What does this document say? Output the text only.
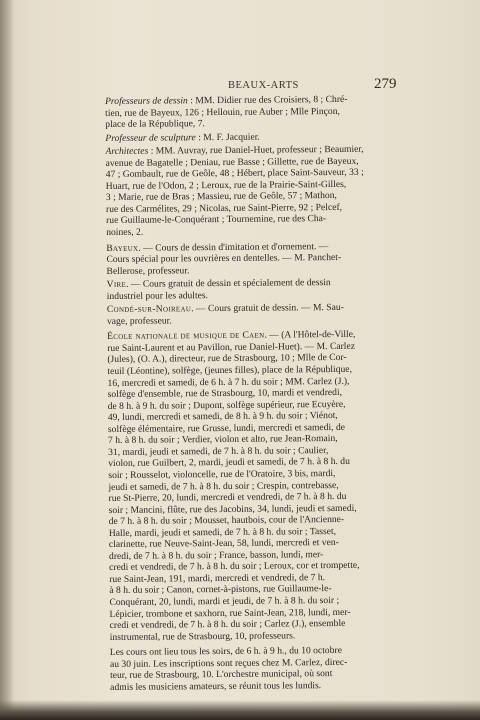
BEAUX-ARTS	279

Professeurs de dessin : MM. Didier rue des Croisiers, 8 ; Chré-
tien, rue de Bayeux, 126 ; Hellouin, rue Auber ; Mlle Pinçon,
place de la République, 7.

Professeur de sculpture : M. F. Jacquier.

Architectes : MM. Auvray, rue Daniel-Huet, professeur ; Beaumier,
avenue de Bagatelle ; Deniau, rue Basse ; Gillette, rue de Bayeux,
47 ; Gombault, rue de Geôle, 48 ; Hébert, place Saint-Sauveur, 33 ;
Huart, rue de l'Odon, 2 ; Leroux, rue de la Prairie-Saint-Gilles,
3 ; Marie, rue de Bras ; Massieu, rue de Geôle, 57 ; Mathon,
rue des Carmélites, 29 ; Nicolas, rue Saint-Pierre, 92 ; Pelcef,
rue Guillaume-le-Conquérant ; Tournemine, rue des Cha-
noines, 2.

Bayeux. — Cours de dessin d'imitation et d'ornement. —
Cours spécial pour les ouvrières en dentelles. — M. Panchet-
Bellerose, professeur.

Vire. — Cours gratuit de dessin et spécialement de dessin
industriel pour les adultes.

Condé-sur-Noireau. — Cours gratuit de dessin. — M. Sau-
vage, professeur.

École nationale de musique de Caen. — (A l'Hôtel-de-Ville,
rue Saint-Laurent et au Pavillon, rue Daniel-Huet). — M. Carlez
(Jules), (O. A.), directeur, rue de Strasbourg, 10 ; Mlle de Cor-
teuil (Léontine), solfège, (jeunes filles), place de la République,
16, mercredi et samedi, de 6 h. à 7 h. du soir ; MM. Carlez (J.),
solfège d'ensemble, rue de Strasbourg, 10, mardi et vendredi,
de 8 h. à 9 h. du soir ; Dupont, solfège supérieur, rue Ecuyère,
49, lundi, mercredi et samedi, de 8 h. à 9 h. du soir ; Viénot,
solfège élémentaire, rue Grusse, lundi, mercredi et samedi, de
7 h. à 8 h. du soir ; Verdier, violon et alto, rue Jean-Romain,
31, mardi, jeudi et samedi, de 7 h. à 8 h. du soir ; Caulier,
violon, rue Guilbert, 2, mardi, jeudi et samedi, de 7 h. à 8 h. du
soir ; Rousselot, violoncelle, rue de l'Oratoire, 3 bis, mardi,
jeudi et samedi, de 7 h. à 8 h. du soir ; Crespin, contrebasse,
rue St-Pierre, 20, lundi, mercredi et vendredi, de 7 h. à 8 h. du
soir ; Mancini, flûte, rue des Jacobins, 34, lundi, jeudi et samedi,
de 7 h. à 8 h. du soir ; Mousset, hautbois, cour de l'Ancienne-
Halle, mardi, jeudi et samedi, de 7 h. à 8 h. du soir ; Tasset,
clarinette, rue Neuve-Saint-Jean, 58, lundi, mercredi et ven-
dredi, de 7 h. à 8 h. du soir ; France, basson, lundi, mer-
credi et vendredi, de 7 h. à 8 h. du soir ; Leroux, cor et trompette,
rue Saint-Jean, 191, mardi, mercredi et vendredi, de 7 h.
à 8 h. du soir ; Canon, cornet-à-pistons, rue Guillaume-le-
Conquérant, 20, lundi, mardi et jeudi, de 7 h. à 8 h. du soir ;
Lépicier, trombone et saxhorn, rue Saint-Jean, 218, lundi, mer-
credi et vendredi, de 7 h. à 8 h. du soir ; Carlez (J.), ensemble
instrumental, rue de Strasbourg, 10, professeurs.

Les cours ont lieu tous les soirs, de 6 h. à 9 h., du 10 octobre
au 30 juin. Les inscriptions sont reçues chez M. Carlez, direc-
teur, rue de Strasbourg, 10. L'orchestre municipal, où sont
admis les musiciens amateurs, se réunit tous les lundis.
